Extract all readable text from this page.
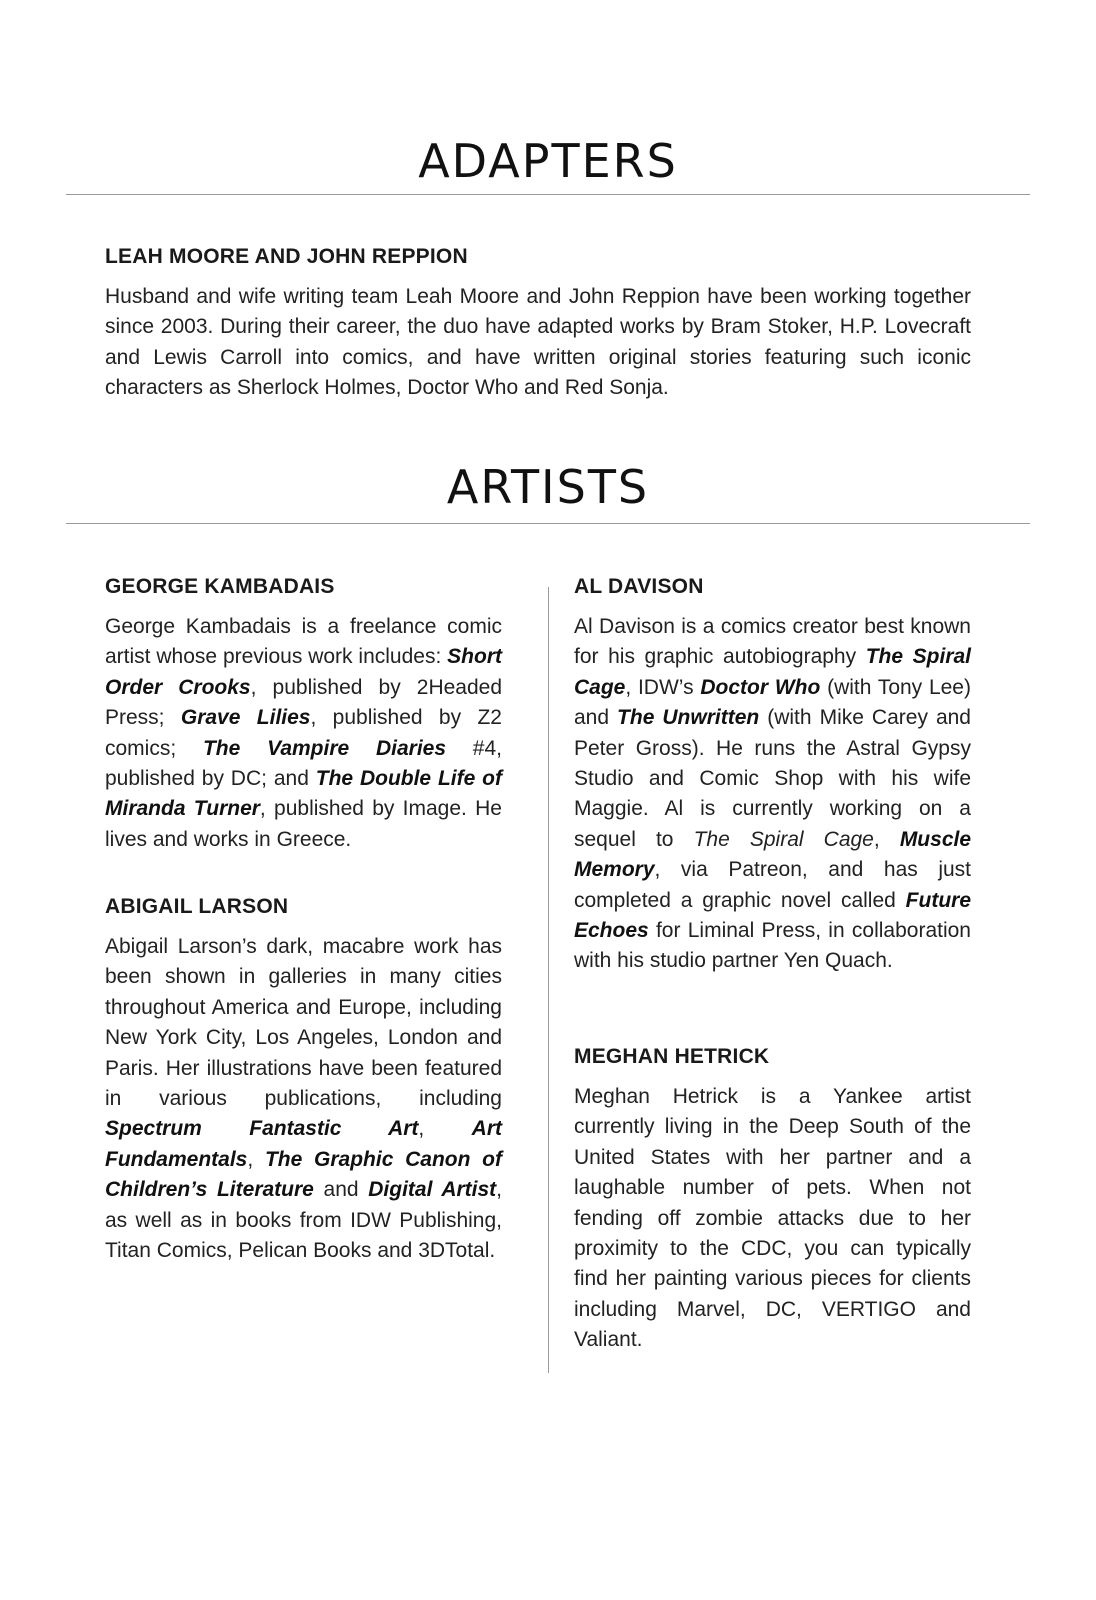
ADAPTERS
LEAH MOORE AND JOHN REPPION

Husband and wife writing team Leah Moore and John Reppion have been working together since 2003. During their career, the duo have adapted works by Bram Stoker, H.P. Lovecraft and Lewis Carroll into comics, and have written original stories featuring such iconic characters as Sherlock Holmes, Doctor Who and Red Sonja.

ARTISTS
GEORGE KAMBADAIS

George Kambadais is a freelance comic artist whose previous work includes: Short Order Crooks, published by 2Headed Press; Grave Lilies, published by Z2 comics; The Vampire Diaries #4, published by DC; and The Double Life of Miranda Turner, published by Image. He lives and works in Greece.

ABIGAIL LARSON

Abigail Larson’s dark, macabre work has been shown in galleries in many cities throughout America and Europe, including New York City, Los Angeles, London and Paris. Her illustrations have been featured in various publications, including Spectrum Fantastic Art, Art Fundamentals, The Graphic Canon of Children’s Literature and Digital Artist, as well as in books from IDW Publishing, Titan Comics, Pelican Books and 3DTotal.

AL DAVISON

Al Davison is a comics creator best known for his graphic autobiography The Spiral Cage, IDW’s Doctor Who (with Tony Lee) and The Unwritten (with Mike Carey and Peter Gross). He runs the Astral Gypsy Studio and Comic Shop with his wife Maggie. Al is currently working on a sequel to The Spiral Cage, Muscle Memory, via Patreon, and has just completed a graphic novel called Future Echoes for Liminal Press, in collaboration with his studio partner Yen Quach.

MEGHAN HETRICK

Meghan Hetrick is a Yankee artist currently living in the Deep South of the United States with her partner and a laughable number of pets. When not fending off zombie attacks due to her proximity to the CDC, you can typically find her painting various pieces for clients including Marvel, DC, VERTIGO and Valiant.
